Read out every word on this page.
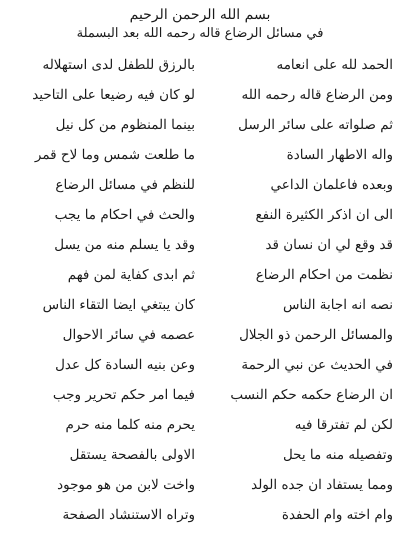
بسم الله الرحمن الرحيم
في مسائل الرضاع قاله رحمه الله بعد البسملة
الحمد لله على انعامه
ومن الرضاع قاله رحمه الله
ثم صلواته على سائر الرسل
واله الاطهار السادة
وبعده فاعلمان الداعي
الى ان اذكر الكثيرة النفع
قد وقع لي ان نسان قد
نظمت من احكام الرضاع
نصه انه اجابة الناس
والمسائل الرحمن ذو الجلال
في الحديث عن نبي الرحمة
ان الرضاع حكمه حكم النسب
لكن لم تفترقا فيه
وتفصيله منه ما يحل
ومما يستفاد ان جده الولد
وام اخته وام الحفدة
بالرزق للطفل لدى استهلاله
لو كان فيه رضيعا على التاحيد
بينما المنظوم من كل نيل
ما طلعت شمس وما لاح قمر
للنظم في مسائل الرضاع
والحث في احكام ما يجب
وقد يا يسلم منه من يسل
ثم ابدى كفاية لمن فهم
كان يبتغي ايضا التقاء الناس
عصمه في سائر الاحوال
وعن بنيه السادة كل عدل
فيما امر حكم تحرير وجب
يحرم منه كلما منه حرم
الاولى بالفصحة يستقل
واخت لابن من هو موجود
وتراه الاستنشاد الصفحة
